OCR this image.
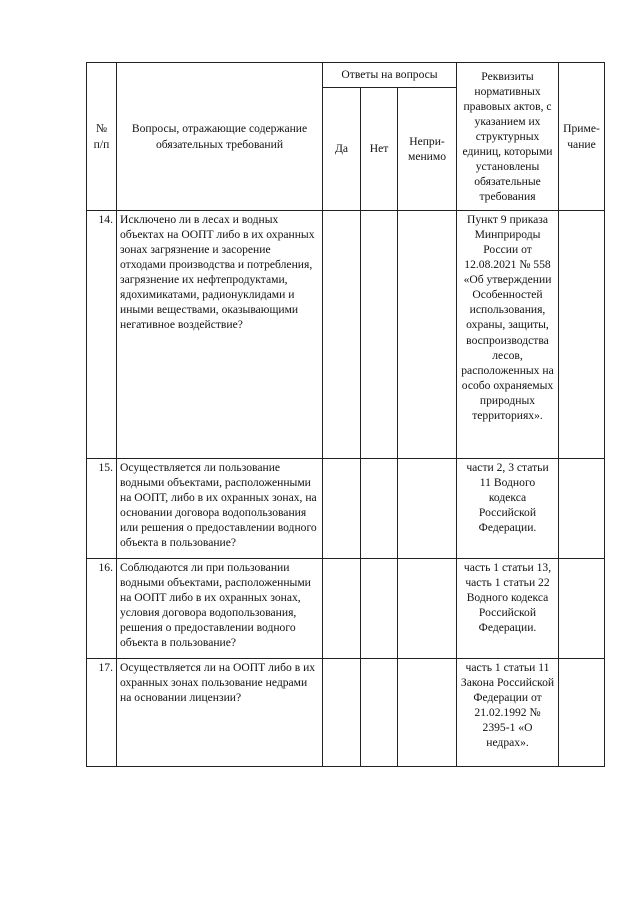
№ п/п	Вопросы, отражающие содержание обязательных требований	Ответы на вопросы			Реквизиты нормативных правовых актов, с указанием их структурных единиц, которыми установлены обязательные требования	Приме-чание
		Да	Нет	Непри-менимо		
14.	Исключено ли в лесах и водных объектах на ООПТ либо в их охранных зонах загрязнение и засорение отходами производства и потребления, загрязнение их нефтепродуктами, ядохимикатами, радионуклидами и иными веществами, оказывающими негативное воздействие?				Пункт 9 приказа Минприроды России от 12.08.2021 № 558 «Об утверждении Особенностей использования, охраны, защиты, воспроизводства лесов, расположенных на особо охраняемых природных территориях».	
15.	Осуществляется ли пользование водными объектами, расположенными на ООПТ, либо в их охранных зонах, на основании договора водопользования или решения о предоставлении водного объекта в пользование?				части 2, 3 статьи 11 Водного кодекса Российской Федерации.	
16.	Соблюдаются ли при пользовании водными объектами, расположенными на ООПТ либо в их охранных зонах, условия договора водопользования, решения о предоставлении водного объекта в пользование?				часть 1 статьи 13, часть 1 статьи 22 Водного кодекса Российской Федерации.	
17.	Осуществляется ли на ООПТ либо в их охранных зонах пользование недрами на основании лицензии?				часть 1 статьи 11 Закона Российской Федерации от 21.02.1992 № 2395-1 «О недрах».	
